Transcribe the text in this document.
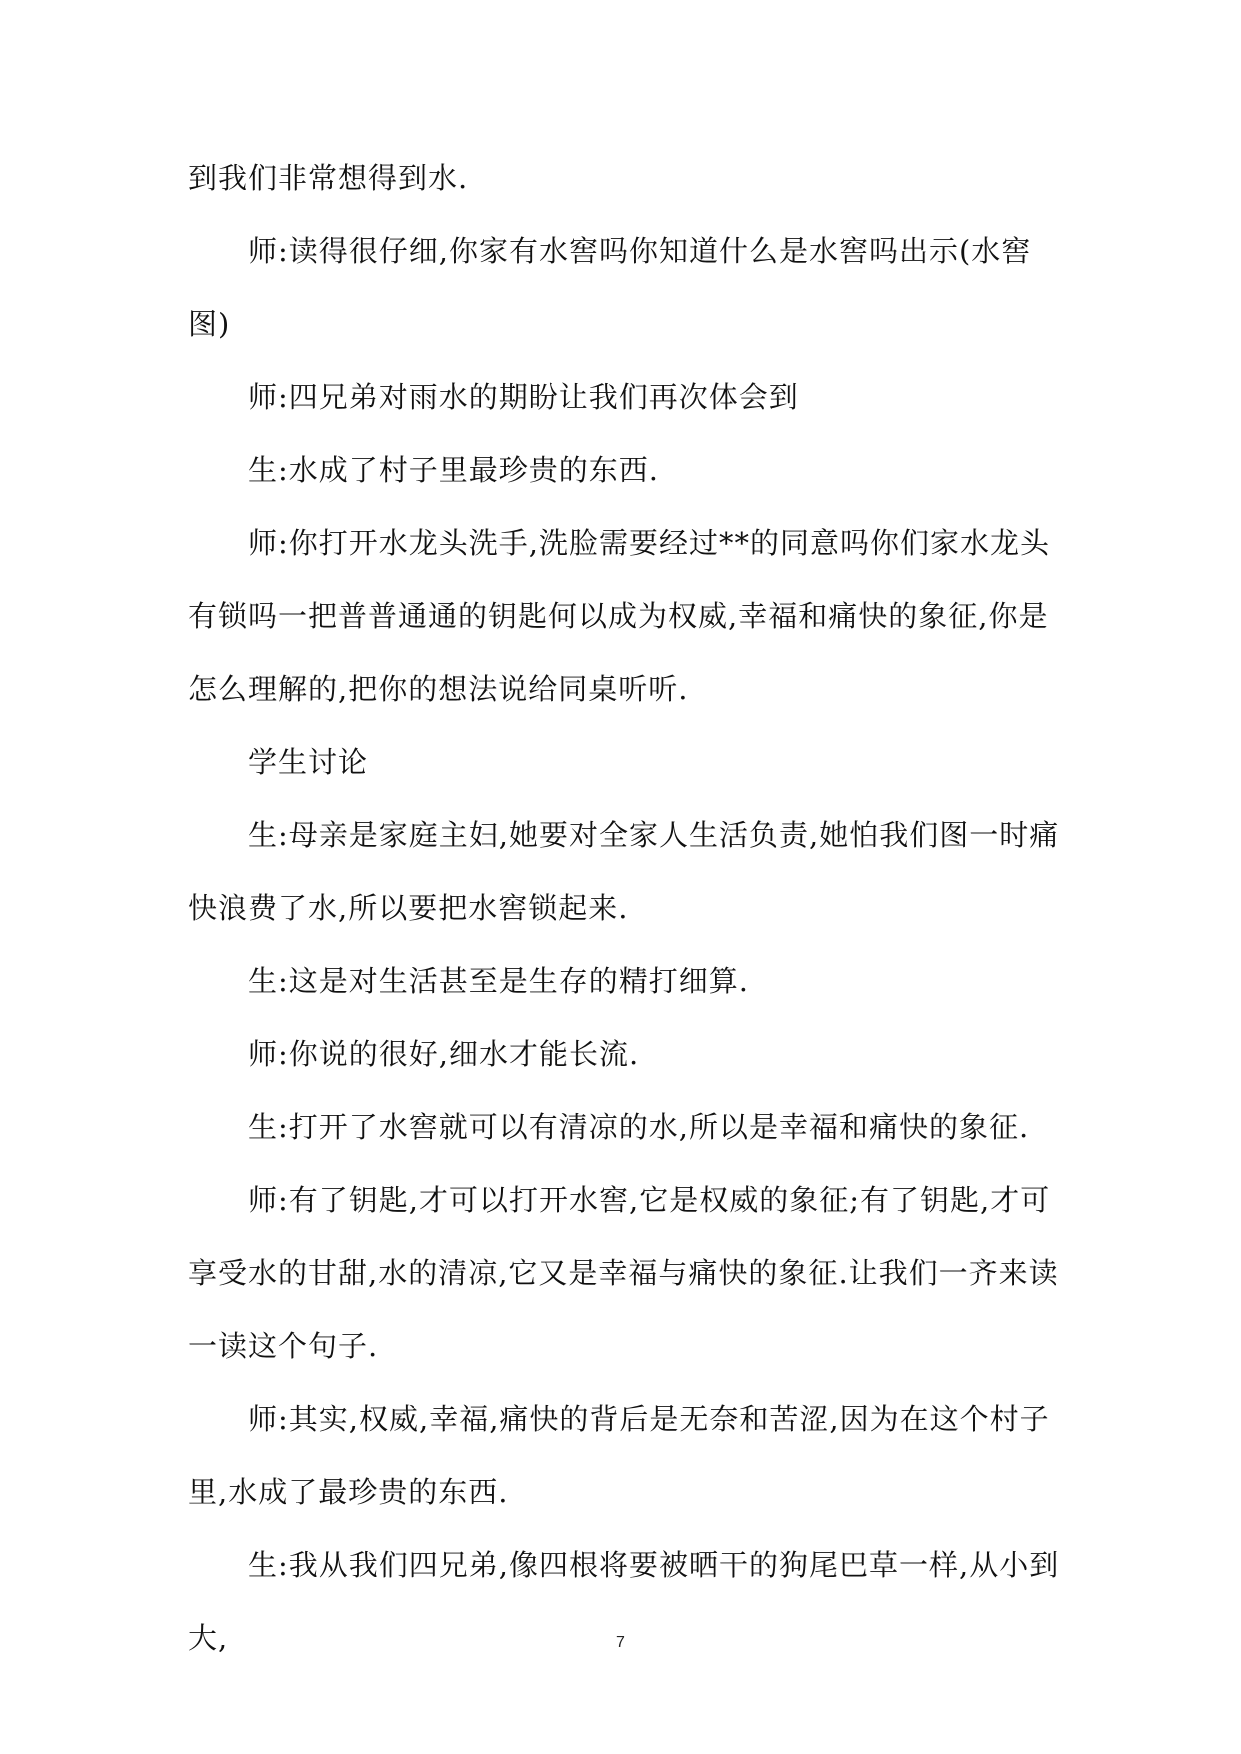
到我们非常想得到水.

　　师:读得很仔细,你家有水窖吗你知道什么是水窖吗出示(水窖图)

　　师:四兄弟对雨水的期盼让我们再次体会到

　　生:水成了村子里最珍贵的东西.

　　师:你打开水龙头洗手,洗脸需要经过**的同意吗你们家水龙头有锁吗一把普普通通的钥匙何以成为权威,幸福和痛快的象征,你是怎么理解的,把你的想法说给同桌听听.

　　学生讨论

　　生:母亲是家庭主妇,她要对全家人生活负责,她怕我们图一时痛快浪费了水,所以要把水窖锁起来.

　　生:这是对生活甚至是生存的精打细算.

　　师:你说的很好,细水才能长流.

　　生:打开了水窖就可以有清凉的水,所以是幸福和痛快的象征.

　　师:有了钥匙,才可以打开水窖,它是权威的象征;有了钥匙,才可享受水的甘甜,水的清凉,它又是幸福与痛快的象征.让我们一齐来读一读这个句子.

　　师:其实,权威,幸福,痛快的背后是无奈和苦涩,因为在这个村子里,水成了最珍贵的东西.

　　生:我从我们四兄弟,像四根将要被晒干的狗尾巴草一样,从小到大,	7
